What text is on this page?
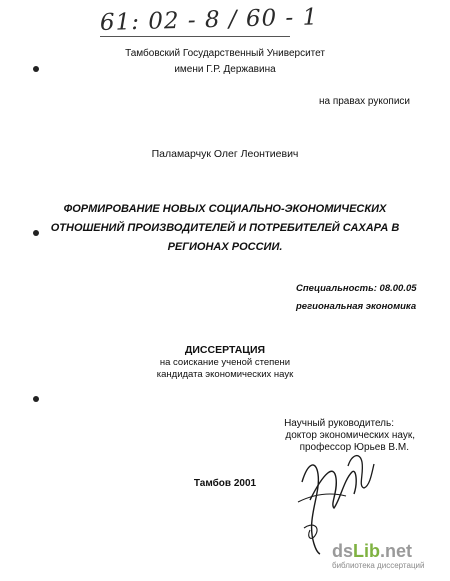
61: 02 - 8 / 60 - 1
Тамбовский Государственный Университет
имени Г.Р. Державина
на правах рукописи
Паламарчук Олег Леонтиевич
ФОРМИРОВАНИЕ НОВЫХ СОЦИАЛЬНО-ЭКОНОМИЧЕСКИХ
ОТНОШЕНИЙ ПРОИЗВОДИТЕЛЕЙ И ПОТРЕБИТЕЛЕЙ САХАРА В
РЕГИОНАХ РОССИИ.
Специальность: 08.00.05
региональная экономика
ДИССЕРТАЦИЯ
на соискание ученой степени
кандидата экономических наук
Научный руководитель:
доктор экономических наук,
профессор Юрьев В.М.
Тамбов 2001
dsLib.net
библиотека диссертаций
